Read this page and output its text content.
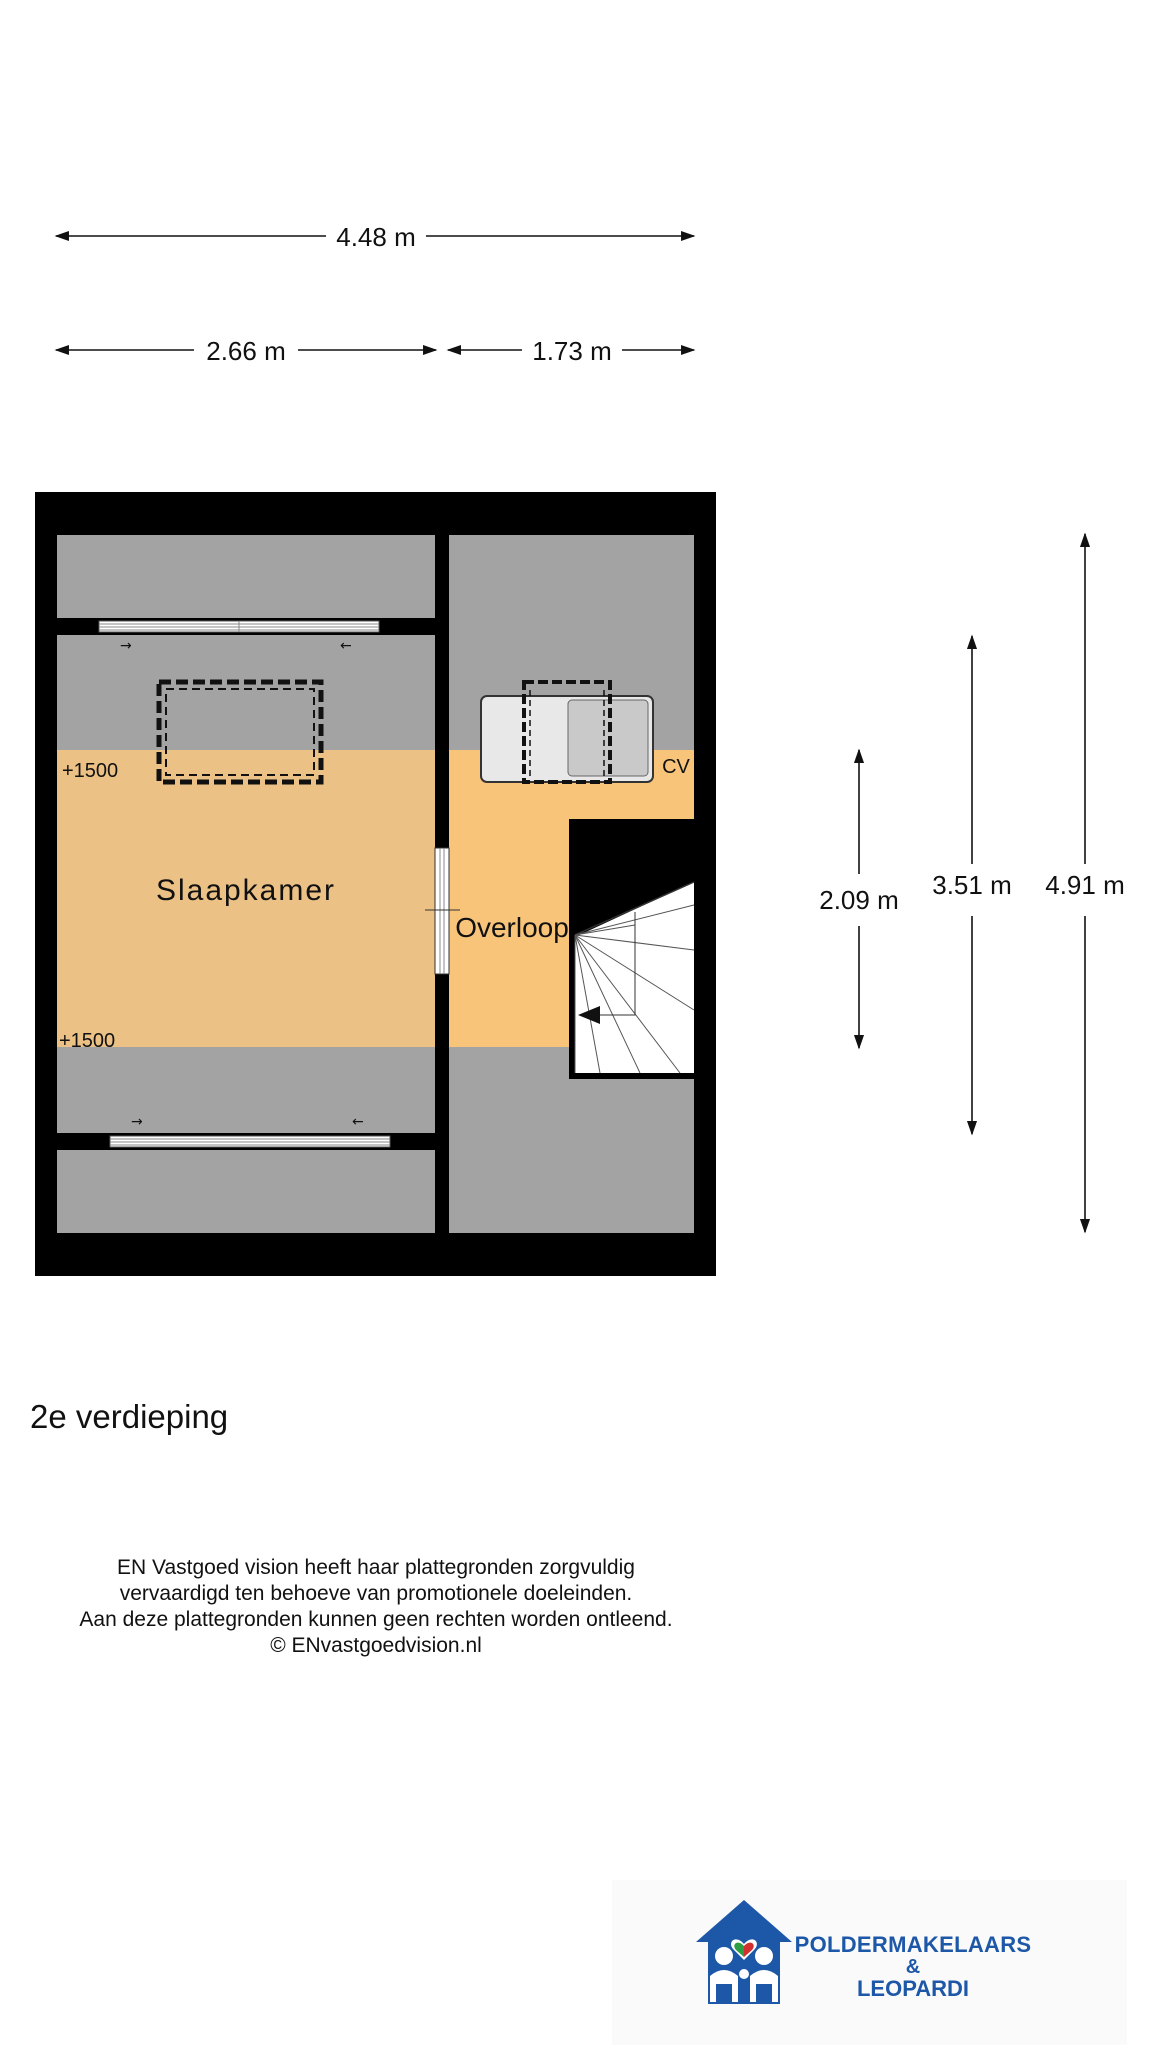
4.48 m
2.66 m	1.73 m
2.09 m 3.51 m 4.91 m
→	←
→	←
Slaapkamer
Overloop
CV
+1500
+1500
2e verdieping
EN Vastgoed vision heeft haar plattegronden zorgvuldig
vervaardigd ten behoeve van promotionele doeleinden.
Aan deze plattegronden kunnen geen rechten worden ontleend.
© ENvastgoedvision.nl
POLDERMAKELAARS
&
LEOPARDI
